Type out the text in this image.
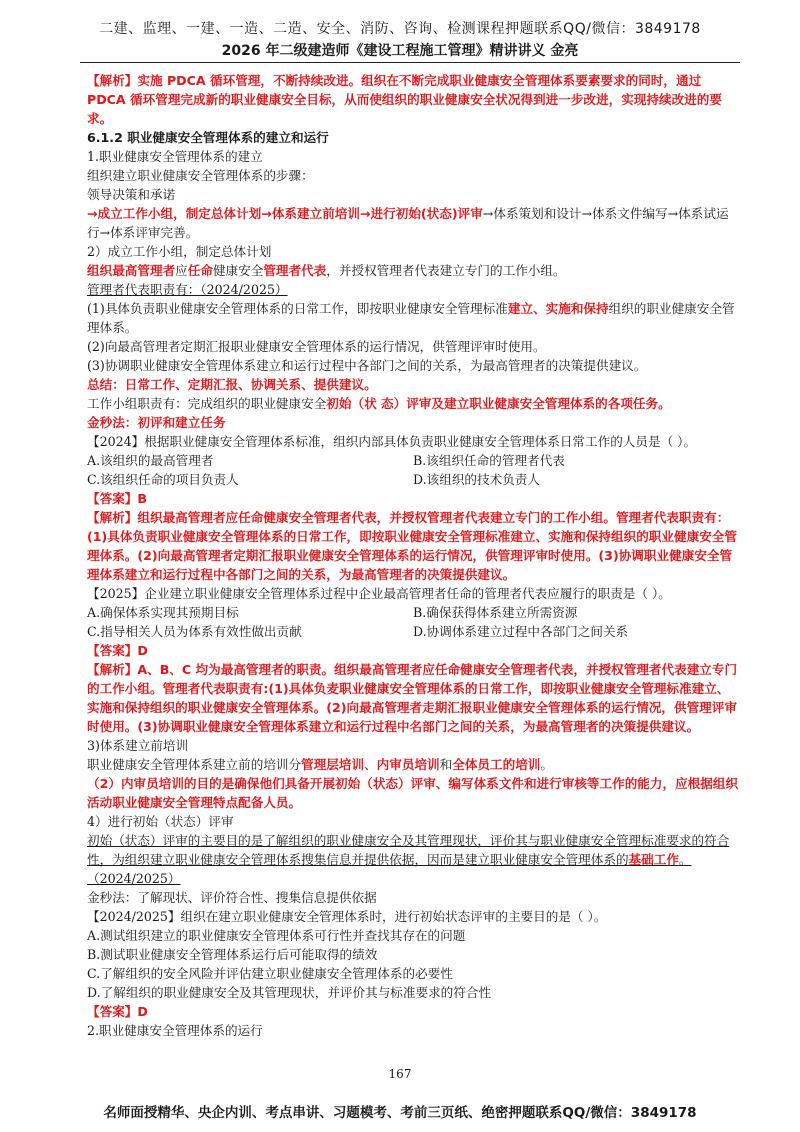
二建、监理、一建、一造、二造、安全、消防、咨询、检测课程押题联系QQ/微信：3849178
2026 年二级建造师《建设工程施工管理》精讲讲义 金亮

【解析】实施 PDCA 循环管理，不断持续改进。组织在不断完成职业健康安全管理体系要素要求的同时，通过 PDCA 循环管理完成新的职业健康安全目标，从而使组织的职业健康安全状况得到进一步改进，实现持续改进的要求。

6.1.2 职业健康安全管理体系的建立和运行

1.职业健康安全管理体系的建立

组织建立职业健康安全管理体系的步骤：

领导决策和承诺

→成立工作小组，制定总体计划→体系建立前培训→进行初始(状态)评审→体系策划和设计→体系文件编写→体系试运行→体系评审完善。

2）成立工作小组，制定总体计划

组织最高管理者应任命健康安全管理者代表，并授权管理者代表建立专门的工作小组。

管理者代表职责有：（2024/2025）

(1)具体负责职业健康安全管理体系的日常工作，即按职业健康安全管理标准建立、实施和保持组织的职业健康安全管理体系。

(2)向最高管理者定期汇报职业健康安全管理体系的运行情况，供管理评审时使用。

(3)协调职业健康安全管理体系建立和运行过程中各部门之间的关系，为最高管理者的决策提供建议。

总结：日常工作、定期汇报、协调关系、提供建议。

工作小组职责有：完成组织的职业健康安全初始（状 态）评审及建立职业健康安全管理体系的各项任务。

金秒法：初评和建立任务

【2024】根据职业健康安全管理体系标准，组织内部具体负责职业健康安全管理体系日常工作的人员是（ ）。

A.该组织的最高管理者	B.该组织任命的管理者代表
C.该组织任命的项目负责人	D.该组织的技术负责人

【答案】B

【解析】组织最高管理者应任命健康安全管理者代表，并授权管理者代表建立专门的工作小组。管理者代表职责有：(1)具体负责职业健康安全管理体系的日常工作，即按职业健康安全管理标准建立、实施和保持组织的职业健康安全管理体系。(2)向最高管理者定期汇报职业健康安全管理体系的运行情况，供管理评审时使用。(3)协调职业健康安全管理体系建立和运行过程中各部门之间的关系，为最高管理者的决策提供建议。

【2025】企业建立职业健康安全管理体系过程中企业最高管理者任命的管理者代表应履行的职责是（ ）。

A.确保体系实现其预期目标	B.确保获得体系建立所需资源
C.指导相关人员为体系有效性做出贡献	D.协调体系建立过程中各部门之间关系

【答案】D

【解析】A、B、C 均为最高管理者的职责。组织最高管理者应任命健康安全管理者代表，并授权管理者代表建立专门的工作小组。管理者代表职责有:(1)具体负麦职业健康安全管理体系的日常工作，即按职业健康安全管理标准建立、实施和保持组织的职业健康安全管理体系。(2)向最高管理者走期汇报职业健康安全管理体系的运行情况，供管理评审时使用。(3)协调职业健康安全管理体系建立和运行过程中名部门之间的关系，为最高管理者的决策提供建议。

3)体系建立前培训

职业健康安全管理体系建立前的培训分管理层培训、内审员培训和全体员工的培训。

（2）内审员培训的目的是确保他们具备开展初始（状态）评审、编写体系文件和进行审核等工作的能力，应根据组织活动职业健康安全管理特点配备人员。

4）进行初始（状态）评审

初始（状态）评审的主要目的是了解组织的职业健康安全及其管理现状，评价其与职业健康安全管理标准要求的符合性，为组织建立职业健康安全管理体系搜集信息并提供依据，因而是建立职业健康安全管理体系的基础工作。（2024/2025）

金秒法：了解现状、评价符合性、搜集信息提供依据

【2024/2025】组织在建立职业健康安全管理体系时，进行初始状态评审的主要目的是（ ）。

A.测试组织建立的职业健康安全管理体系可行性并查找其存在的问题

B.测试职业健康安全管理体系运行后可能取得的绩效

C.了解组织的安全风险并评估建立职业健康安全管理体系的必要性

D.了解组织的职业健康安全及其管理现状，并评价其与标准要求的符合性

【答案】D

2.职业健康安全管理体系的运行

167
名师面授精华、央企内训、考点串讲、习题模考、考前三页纸、绝密押题联系QQ/微信：3849178
